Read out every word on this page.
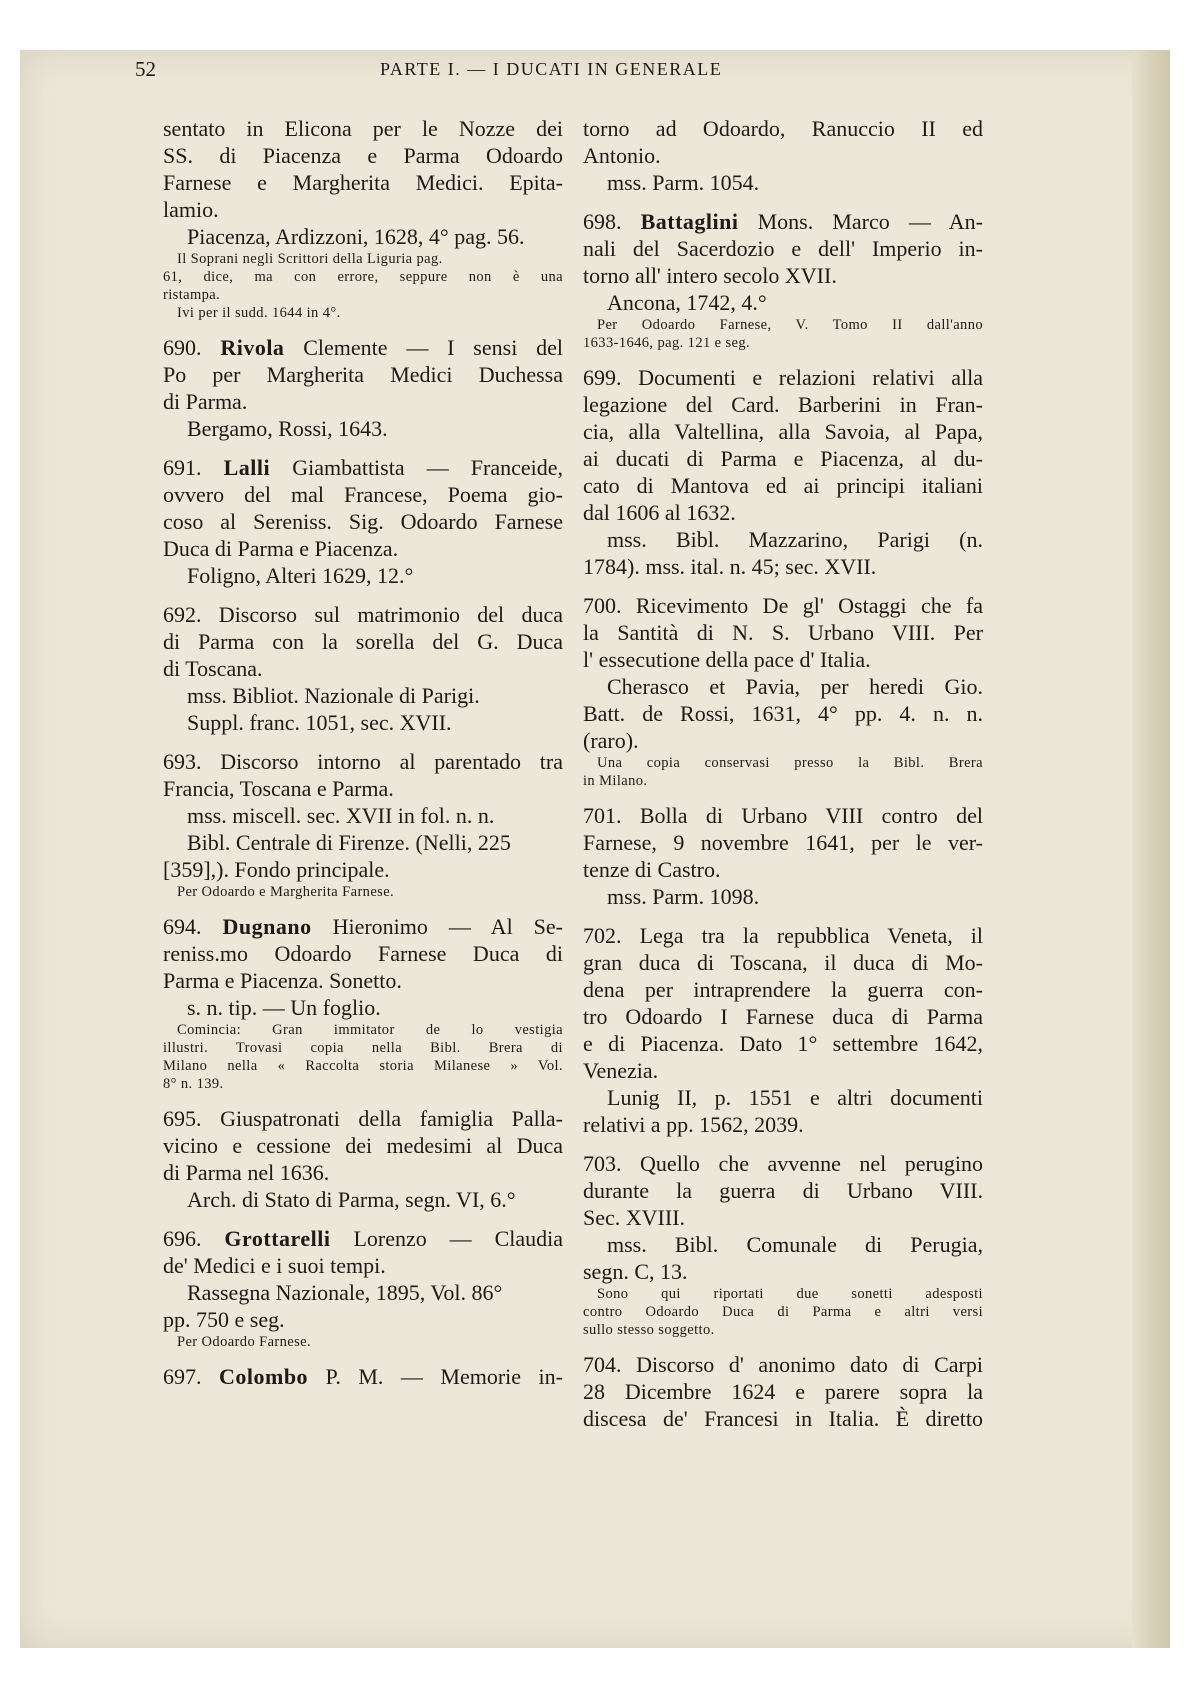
52	PARTE I. — I DUCATI IN GENERALE
sentato in Elicona per le Nozze dei
SS. di Piacenza e Parma Odoardo
Farnese e Margherita Medici. Epita-
lamio.
Piacenza, Ardizzoni, 1628, 4° pag. 56.
Il Soprani negli Scrittori della Liguria pag.
61, dice, ma con errore, seppure non è una
ristampa.
Ivi per il sudd. 1644 in 4°.
690. Rivola Clemente — I sensi del
Po per Margherita Medici Duchessa
di Parma.
Bergamo, Rossi, 1643.
691. Lalli Giambattista — Franceide,
ovvero del mal Francese, Poema gio-
coso al Sereniss. Sig. Odoardo Farnese
Duca di Parma e Piacenza.
Foligno, Alteri 1629, 12.°
692. Discorso sul matrimonio del duca
di Parma con la sorella del G. Duca
di Toscana.
mss. Bibliot. Nazionale di Parigi.
Suppl. franc. 1051, sec. XVII.
693. Discorso intorno al parentado tra
Francia, Toscana e Parma.
mss. miscell. sec. XVII in fol. n. n.
Bibl. Centrale di Firenze. (Nelli, 225
[359],). Fondo principale.
Per Odoardo e Margherita Farnese.
694. Dugnano Hieronimo — Al Se-
reniss.mo Odoardo Farnese Duca di
Parma e Piacenza. Sonetto.
s. n. tip. — Un foglio.
Comincia: Gran immitator de lo vestigia
illustri. Trovasi copia nella Bibl. Brera di
Milano nella « Raccolta storia Milanese » Vol.
8° n. 139.
695. Giuspatronati della famiglia Palla-
vicino e cessione dei medesimi al Duca
di Parma nel 1636.
Arch. di Stato di Parma, segn. VI, 6.°
696. Grottarelli Lorenzo — Claudia
de' Medici e i suoi tempi.
Rassegna Nazionale, 1895, Vol. 86°
pp. 750 e seg.
Per Odoardo Farnese.
697. Colombo P. M. — Memorie in-
torno ad Odoardo, Ranuccio II ed
Antonio.
mss. Parm. 1054.
698. Battaglini Mons. Marco — An-
nali del Sacerdozio e dell' Imperio in-
torno all' intero secolo XVII.
Ancona, 1742, 4.°
Per Odoardo Farnese, V. Tomo II dall'anno
1633-1646, pag. 121 e seg.
699. Documenti e relazioni relativi alla
legazione del Card. Barberini in Fran-
cia, alla Valtellina, alla Savoia, al Papa,
ai ducati di Parma e Piacenza, al du-
cato di Mantova ed ai principi italiani
dal 1606 al 1632.
mss. Bibl. Mazzarino, Parigi (n.
1784). mss. ital. n. 45; sec. XVII.
700. Ricevimento De gl' Ostaggi che fa
la Santità di N. S. Urbano VIII. Per
l' essecutione della pace d' Italia.
Cherasco et Pavia, per heredi Gio.
Batt. de Rossi, 1631, 4° pp. 4. n. n.
(raro).
Una copia conservasi presso la Bibl. Brera
in Milano.
701. Bolla di Urbano VIII contro del
Farnese, 9 novembre 1641, per le ver-
tenze di Castro.
mss. Parm. 1098.
702. Lega tra la repubblica Veneta, il
gran duca di Toscana, il duca di Mo-
dena per intraprendere la guerra con-
tro Odoardo I Farnese duca di Parma
e di Piacenza. Dato 1° settembre 1642,
Venezia.
Lunig II, p. 1551 e altri documenti
relativi a pp. 1562, 2039.
703. Quello che avvenne nel perugino
durante la guerra di Urbano VIII.
Sec. XVIII.
mss. Bibl. Comunale di Perugia,
segn. C, 13.
Sono qui riportati due sonetti adesposti
contro Odoardo Duca di Parma e altri versi
sullo stesso soggetto.
704. Discorso d' anonimo dato di Carpi
28 Dicembre 1624 e parere sopra la
discesa de' Francesi in Italia. È diretto
